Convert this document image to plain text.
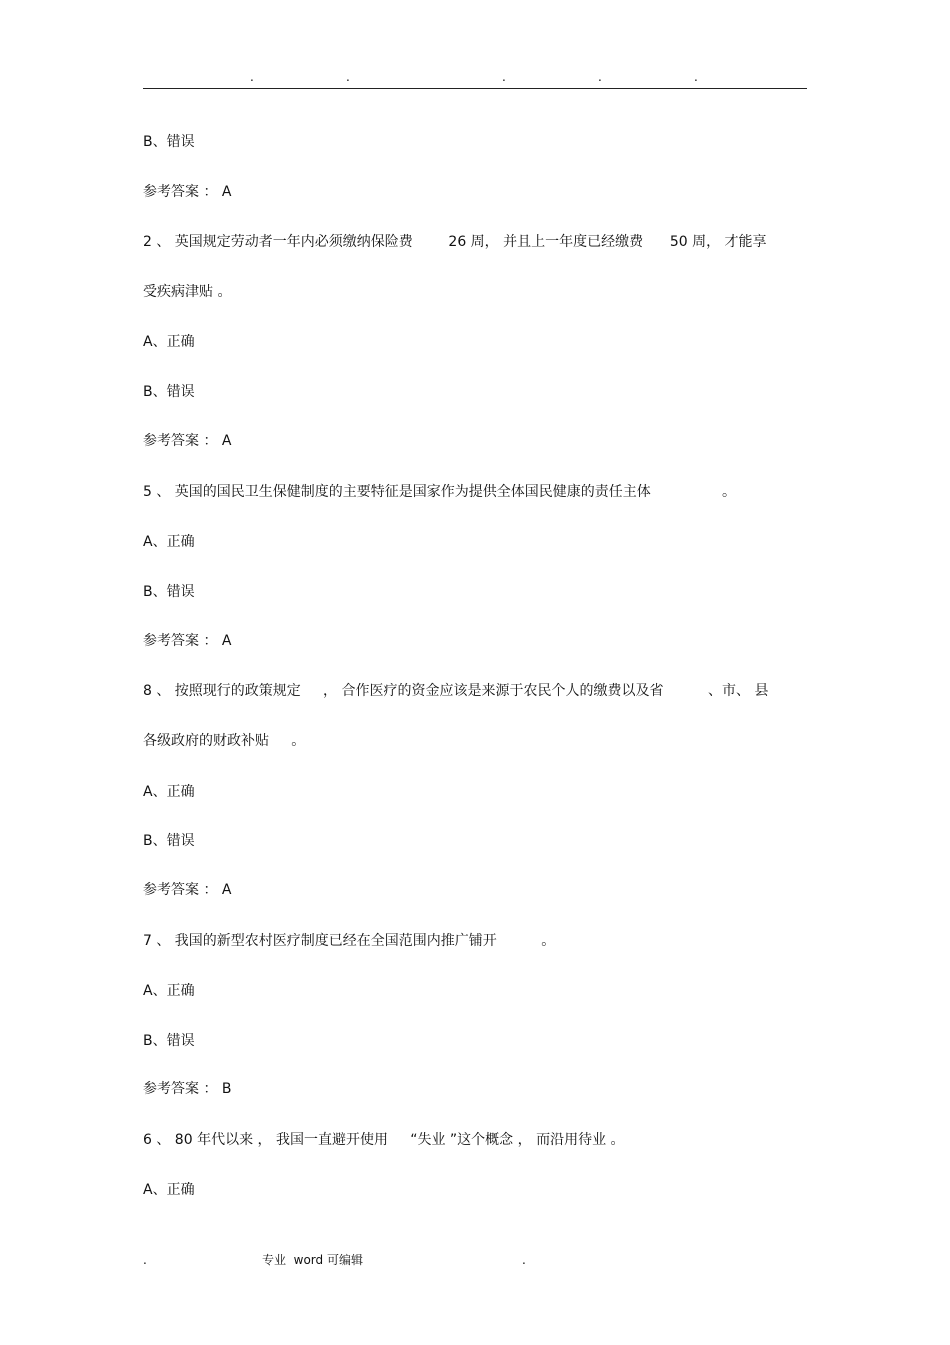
.	.	.	.	.
B、错误
参考答案 ： A
2 、 英国规定劳动者一年内必须缴纳保险费        26 周， 并且上一年度已经缴费      50 周， 才能享
受疾病津贴 。
A、正确
B、错误
参考答案 ： A
5 、 英国的国民卫生保健制度的主要特征是国家作为提供全体国民健康的责任主体                。
A、正确
B、错误
参考答案 ： A
8 、 按照现行的政策规定     ， 合作医疗的资金应该是来源于农民个人的缴费以及省          、市、 县
各级政府的财政补贴     。
A、正确
B、错误
参考答案 ： A
7 、 我国的新型农村医疗制度已经在全国范围内推广铺开          。
A、正确
B、错误
参考答案 ： B
6 、 80 年代以来 ， 我国一直避开使用     “失业 ”这个概念 ， 而沿用待业 。
A、正确
.	专业  word 可编辑	.
